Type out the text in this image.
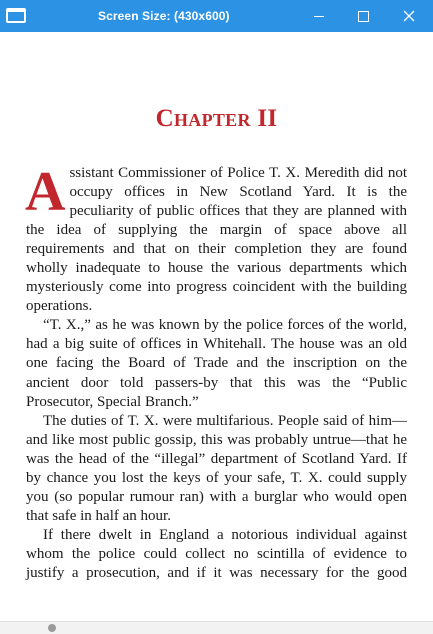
Screen Size: (430x600)
Chapter II

Assistant Commissioner of Police T. X. Meredith did not occupy offices in New Scotland Yard. It is the peculiarity of public offices that they are planned with the idea of supplying the margin of space above all requirements and that on their completion they are found wholly inadequate to house the various departments which mysteriously come into progress coincident with the building operations.

“T. X.,” as he was known by the police forces of the world, had a big suite of offices in Whitehall. The house was an old one facing the Board of Trade and the inscription on the ancient door told passers-by that this was the “Public Prosecutor, Special Branch.”

The duties of T. X. were multifarious. People said of him—and like most public gossip, this was probably untrue—that he was the head of the “illegal” department of Scotland Yard. If by chance you lost the keys of your safe, T. X. could supply you (so popular rumour ran) with a burglar who would open that safe in half an hour.

If there dwelt in England a notorious individual against whom the police could collect no scintilla of evidence to justify a prosecution, and if it was necessary for the good
